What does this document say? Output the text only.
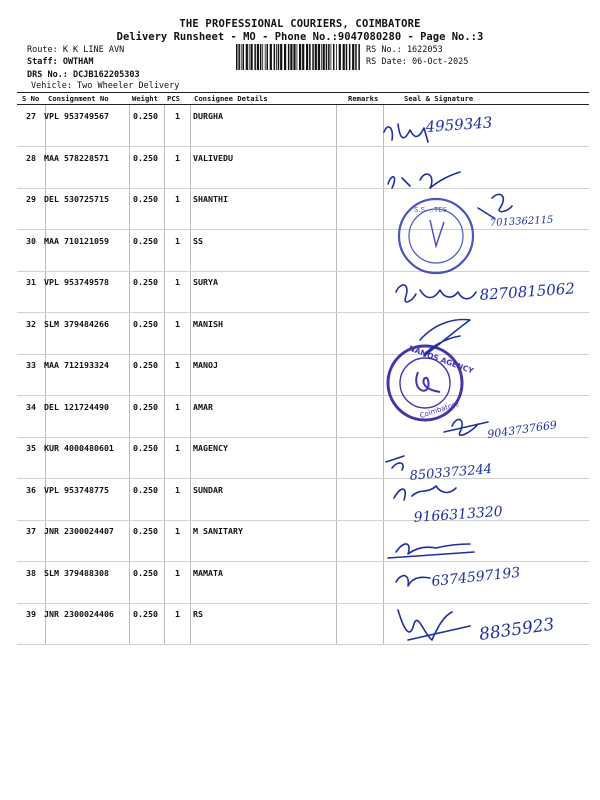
THE PROFESSIONAL COURIERS, COIMBATORE
Delivery Runsheet - MO - Phone No.:9047080280 - Page No.:3
Route: K K LINE AVN
Staff: OWTHAM
DRS No.: DCJB162205303
Vehicle: Two Wheeler Delivery
RS No.: 1622053
RS Date: 06-Oct-2025
S No Consignment No	Weight PCS Consignee Details	Remarks	Seal & Signature
27 VPL 953749567	0.250 1 DURGHA
28 MAA 578228571	0.250 1 VALIVEDU
29 DEL 530725715	0.250 1 SHANTHI
30 MAA 710121059	0.250 1 SS
31 VPL 953749578	0.250 1 SURYA
32 SLM 379484266	0.250 1 MANISH
33 MAA 712193324	0.250 1 MANOJ
34 DEL 121724490	0.250 1 AMAR
35 KUR 4000480601 0.250 1 MAGENCY
36 VPL 953748775	0.250 1 SUNDAR
37 JNR 2300024407 0.250 1 M SANITARY
38 SLM 379488308	0.250 1 MAMATA
39 JNR 2300024406 0.250 1 RS
S.S. ..TES
NAMOS AGENCY
Coimbatore
4959343
7013362115
8270815062
9043737669
8503373244
9166313320
6374597193
8835923
